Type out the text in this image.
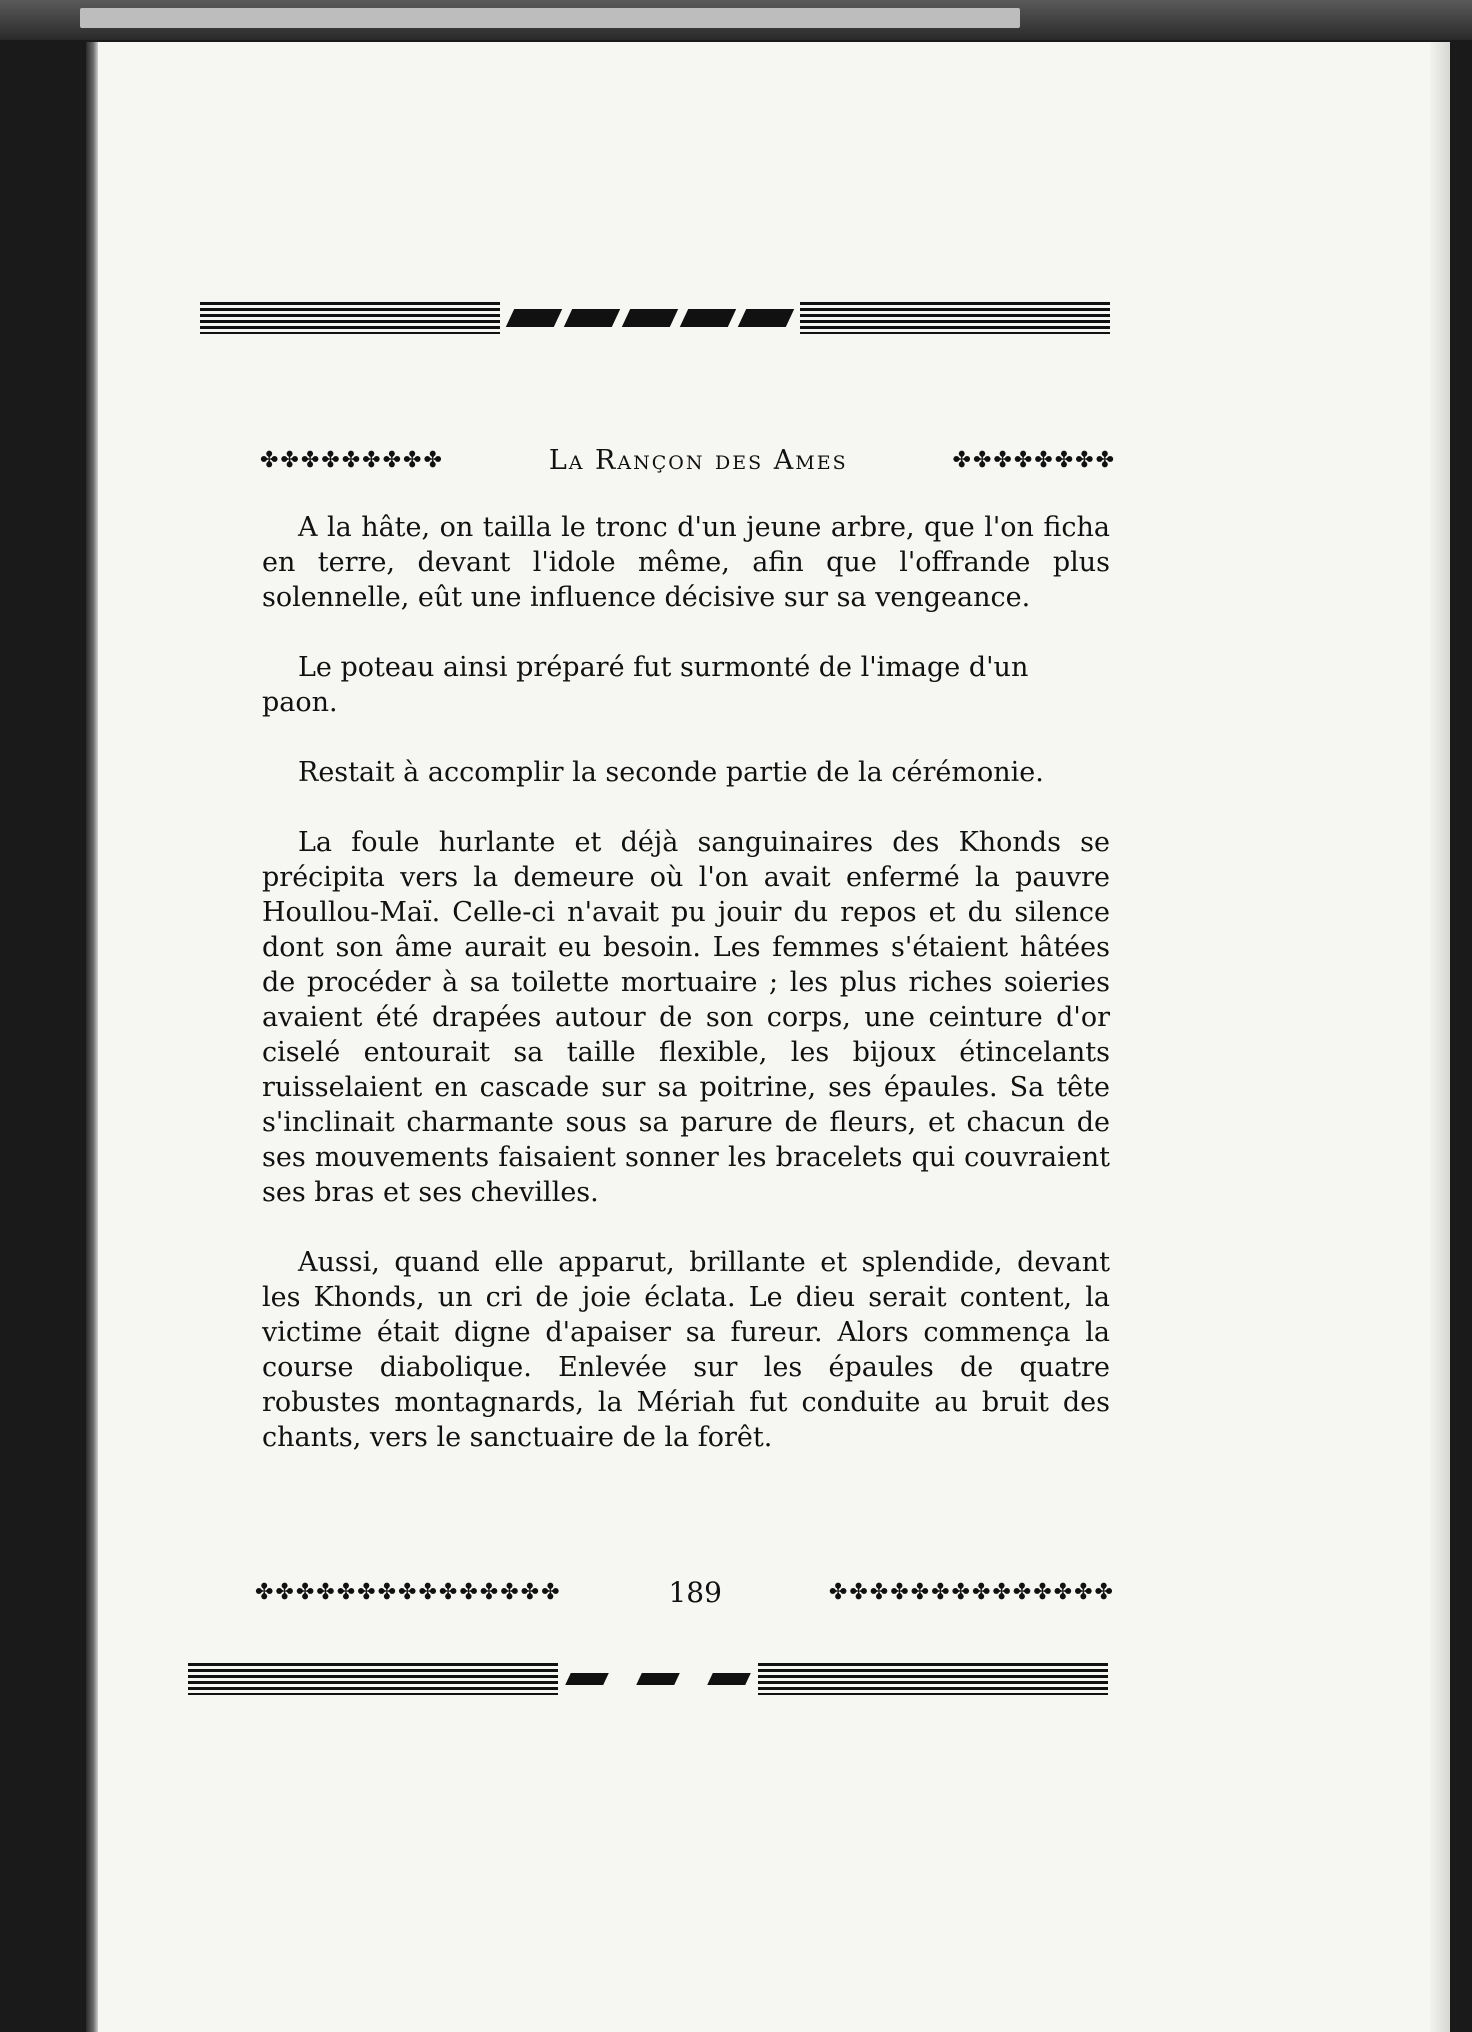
✤✤✤✤✤✤✤✤✤	La Rançon des Ames	✤✤✤✤✤✤✤✤

A la hâte, on tailla le tronc d'un jeune arbre, que l'on ficha en terre, devant l'idole même, afin que l'offrande plus solennelle, eût une influence décisive sur sa vengeance.

Le poteau ainsi préparé fut surmonté de l'image d'un paon.

Restait à accomplir la seconde partie de la cérémonie.

La foule hurlante et déjà sanguinaires des Khonds se précipita vers la demeure où l'on avait enfermé la pauvre Houllou-Maï. Celle-ci n'avait pu jouir du repos et du silence dont son âme aurait eu besoin. Les femmes s'étaient hâtées de procéder à sa toilette mortuaire ; les plus riches soieries avaient été drapées autour de son corps, une ceinture d'or ciselé entourait sa taille flexible, les bijoux étincelants ruisselaient en cascade sur sa poitrine, ses épaules. Sa tête s'inclinait charmante sous sa parure de fleurs, et chacun de ses mouvements faisaient sonner les bracelets qui couvraient ses bras et ses chevilles.

Aussi, quand elle apparut, brillante et splendide, devant les Khonds, un cri de joie éclata. Le dieu serait content, la victime était digne d'apaiser sa fureur. Alors commença la course diabolique. Enlevée sur les épaules de quatre robustes montagnards, la Mériah fut conduite au bruit des chants, vers le sanctuaire de la forêt.

✤✤✤✤✤✤✤✤✤✤✤✤✤✤✤	189	✤✤✤✤✤✤✤✤✤✤✤✤✤✤
